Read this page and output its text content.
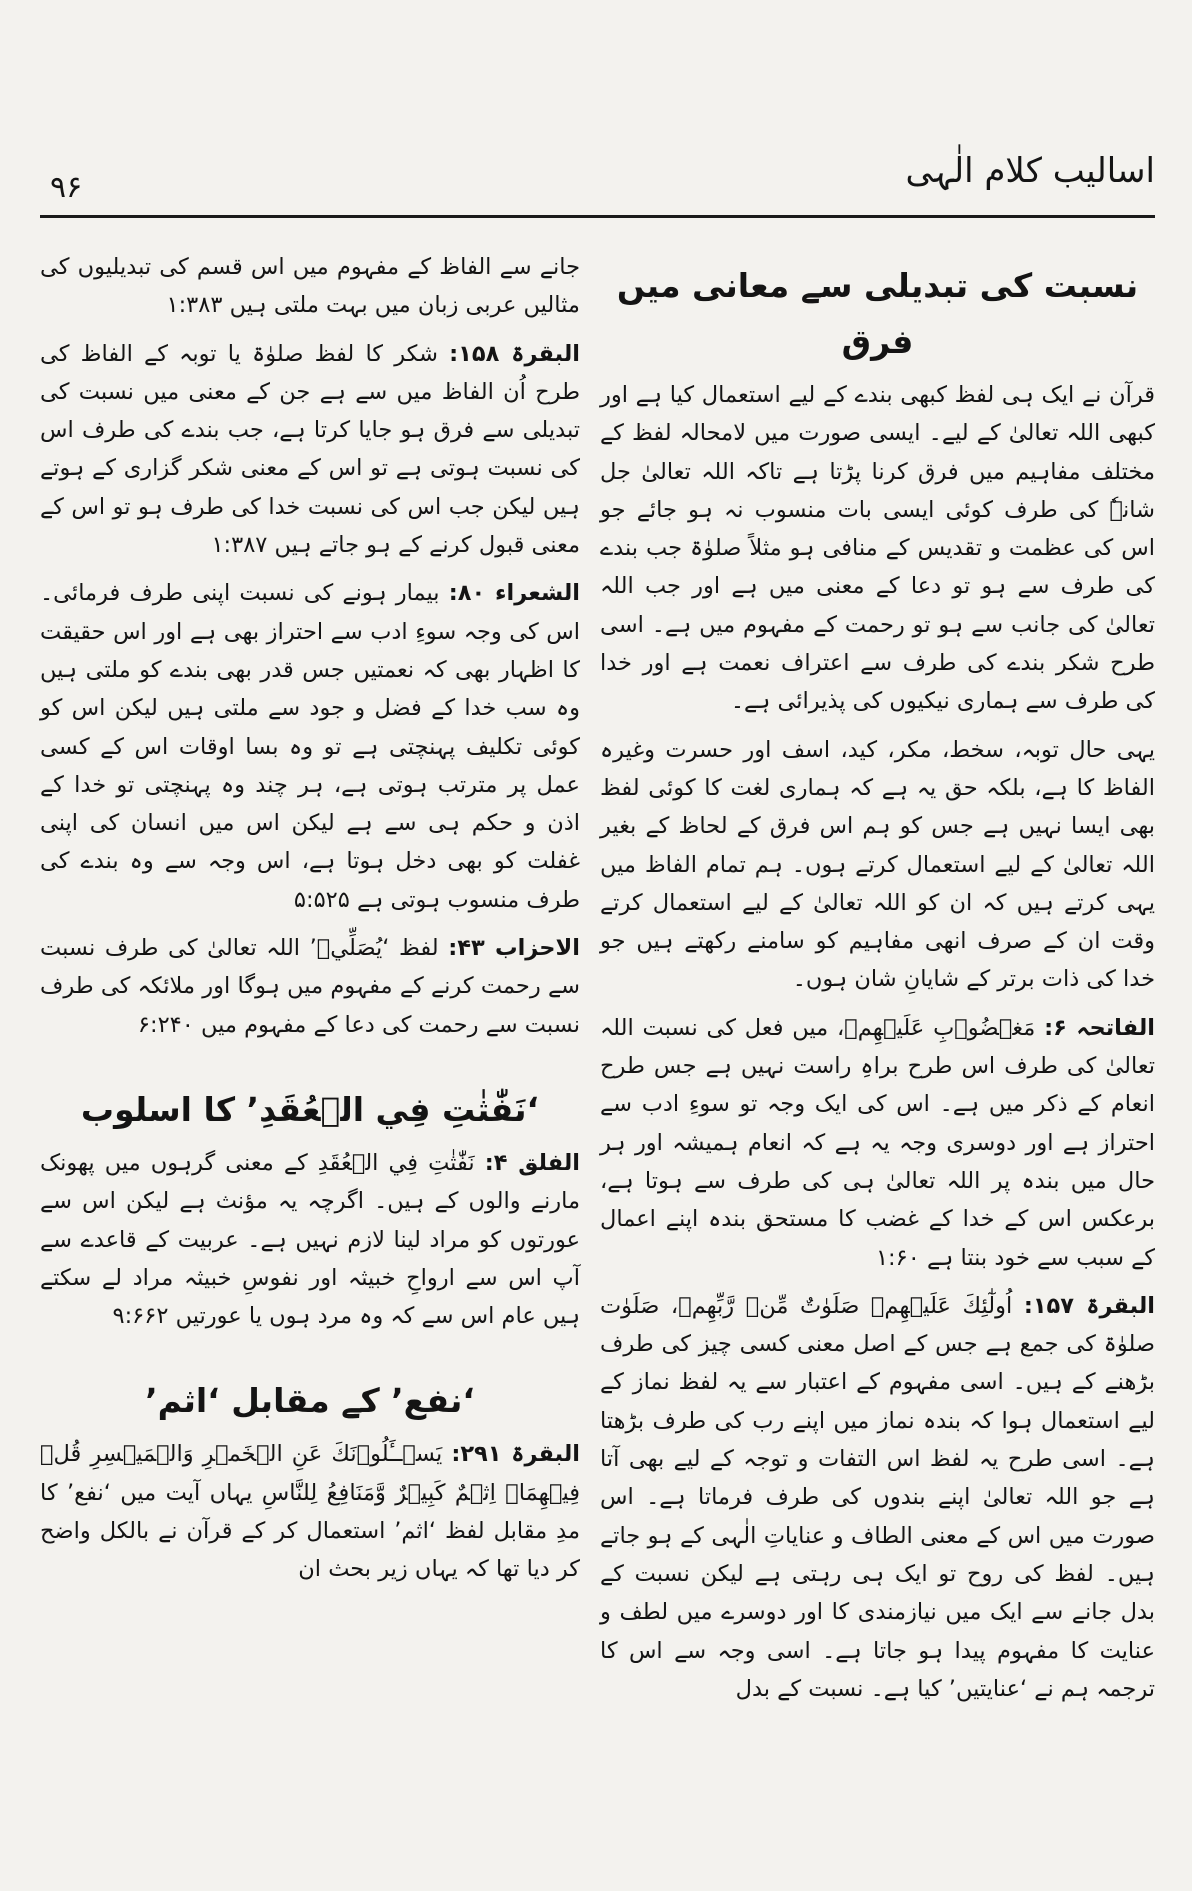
اسالیب کلام الٰہی
۹۶
نسبت کی تبدیلی سے معانی میں فرق

قرآن نے ایک ہی لفظ کبھی بندے کے لیے استعمال کیا ہے اور کبھی اللہ تعالیٰ کے لیے۔ ایسی صورت میں لامحالہ لفظ کے مختلف مفاہیم میں فرق کرنا پڑتا ہے تاکہ اللہ تعالیٰ جل شانہٗ کی طرف کوئی ایسی بات منسوب نہ ہو جائے جو اس کی عظمت و تقدیس کے منافی ہو مثلاً صلوٰۃ جب بندے کی طرف سے ہو تو دعا کے معنی میں ہے اور جب اللہ تعالیٰ کی جانب سے ہو تو رحمت کے مفہوم میں ہے۔ اسی طرح شکر بندے کی طرف سے اعتراف نعمت ہے اور خدا کی طرف سے ہماری نیکیوں کی پذیرائی ہے۔

یہی حال توبہ، سخط، مکر، کید، اسف اور حسرت وغیرہ الفاظ کا ہے، بلکہ حق یہ ہے کہ ہماری لغت کا کوئی لفظ بھی ایسا نہیں ہے جس کو ہم اس فرق کے لحاظ کے بغیر اللہ تعالیٰ کے لیے استعمال کرتے ہوں۔ ہم تمام الفاظ میں یہی کرتے ہیں کہ ان کو اللہ تعالیٰ کے لیے استعمال کرتے وقت ان کے صرف انھی مفاہیم کو سامنے رکھتے ہیں جو خدا کی ذات برتر کے شایانِ شان ہوں۔

الفاتحہ ۶: مَغۡضُوۡبِ عَلَيۡهِمۡ، میں فعل کی نسبت اللہ تعالیٰ کی طرف اس طرح براہِ راست نہیں ہے جس طرح انعام کے ذکر میں ہے۔ اس کی ایک وجہ تو سوءِ ادب سے احتراز ہے اور دوسری وجہ یہ ہے کہ انعام ہمیشہ اور ہر حال میں بندہ پر اللہ تعالیٰ ہی کی طرف سے ہوتا ہے، برعکس اس کے خدا کے غضب کا مستحق بندہ اپنے اعمال کے سبب سے خود بنتا ہے ۱:۶۰

البقرۃ ۱۵۷: اُولٰٓئِكَ عَلَيۡهِمۡ صَلَوٰتٌ مِّنۡ رَّبِّهِمۡ، صَلَوٰت صلوٰۃ کی جمع ہے جس کے اصل معنی کسی چیز کی طرف بڑھنے کے ہیں۔ اسی مفہوم کے اعتبار سے یہ لفظ نماز کے لیے استعمال ہوا کہ بندہ نماز میں اپنے رب کی طرف بڑھتا ہے۔ اسی طرح یہ لفظ اس التفات و توجہ کے لیے بھی آتا ہے جو اللہ تعالیٰ اپنے بندوں کی طرف فرماتا ہے۔ اس صورت میں اس کے معنی الطاف و عنایاتِ الٰہی کے ہو جاتے ہیں۔ لفظ کی روح تو ایک ہی رہتی ہے لیکن نسبت کے بدل جانے سے ایک میں نیازمندی کا اور دوسرے میں لطف و عنایت کا مفہوم پیدا ہو جاتا ہے۔ اسی وجہ سے اس کا ترجمہ ہم نے ‘عنایتیں’ کیا ہے۔ نسبت کے بدل

جانے سے الفاظ کے مفہوم میں اس قسم کی تبدیلیوں کی مثالیں عربی زبان میں بہت ملتی ہیں ۱:۳۸۳

البقرۃ ۱۵۸: شکر کا لفظ صلوٰۃ یا توبہ کے الفاظ کی طرح اُن الفاظ میں سے ہے جن کے معنی میں نسبت کی تبدیلی سے فرق ہو جایا کرتا ہے، جب بندے کی طرف اس کی نسبت ہوتی ہے تو اس کے معنی شکر گزاری کے ہوتے ہیں لیکن جب اس کی نسبت خدا کی طرف ہو تو اس کے معنی قبول کرنے کے ہو جاتے ہیں ۱:۳۸۷

الشعراء ۸۰: بیمار ہونے کی نسبت اپنی طرف فرمائی۔ اس کی وجہ سوءِ ادب سے احتراز بھی ہے اور اس حقیقت کا اظہار بھی کہ نعمتیں جس قدر بھی بندے کو ملتی ہیں وہ سب خدا کے فضل و جود سے ملتی ہیں لیکن اس کو کوئی تکلیف پہنچتی ہے تو وہ بسا اوقات اس کے کسی عمل پر مترتب ہوتی ہے، ہر چند وہ پہنچتی تو خدا کے اذن و حکم ہی سے ہے لیکن اس میں انسان کی اپنی غفلت کو بھی دخل ہوتا ہے، اس وجہ سے وہ بندے کی طرف منسوب ہوتی ہے ۵:۵۲۵

الاحزاب ۴۳: لفظ ‘يُصَلِّيۡ’ اللہ تعالیٰ کی طرف نسبت سے رحمت کرنے کے مفہوم میں ہوگا اور ملائکہ کی طرف نسبت سے رحمت کی دعا کے مفہوم میں ۶:۲۴۰

‘نَفّٰثٰتِ فِي الۡعُقَدِ’ کا اسلوب

الفلق ۴: نَفّٰثٰتِ فِي الۡعُقَدِ کے معنی گرہوں میں پھونک مارنے والوں کے ہیں۔ اگرچہ یہ مؤنث ہے لیکن اس سے عورتوں کو مراد لینا لازم نہیں ہے۔ عربیت کے قاعدے سے آپ اس سے ارواحِ خبیثہ اور نفوسِ خبیثہ مراد لے سکتے ہیں عام اس سے کہ وہ مرد ہوں یا عورتیں ۹:۶۶۲

‘نفع’ کے مقابل ‘اثم’

البقرۃ ۲۹۱: يَسۡــَٔلُوۡنَكَ عَنِ الۡخَمۡرِ وَالۡمَيۡسِرِ قُلۡ فِيۡهِمَاۤ اِثۡمٌ كَبِيۡرٌ وَّمَنَافِعُ لِلنَّاسِ یہاں آیت میں ‘نفع’ کا مدِ مقابل لفظ ‘اثم’ استعمال کر کے قرآن نے بالکل واضح کر دیا تھا کہ یہاں زیر بحث ان
